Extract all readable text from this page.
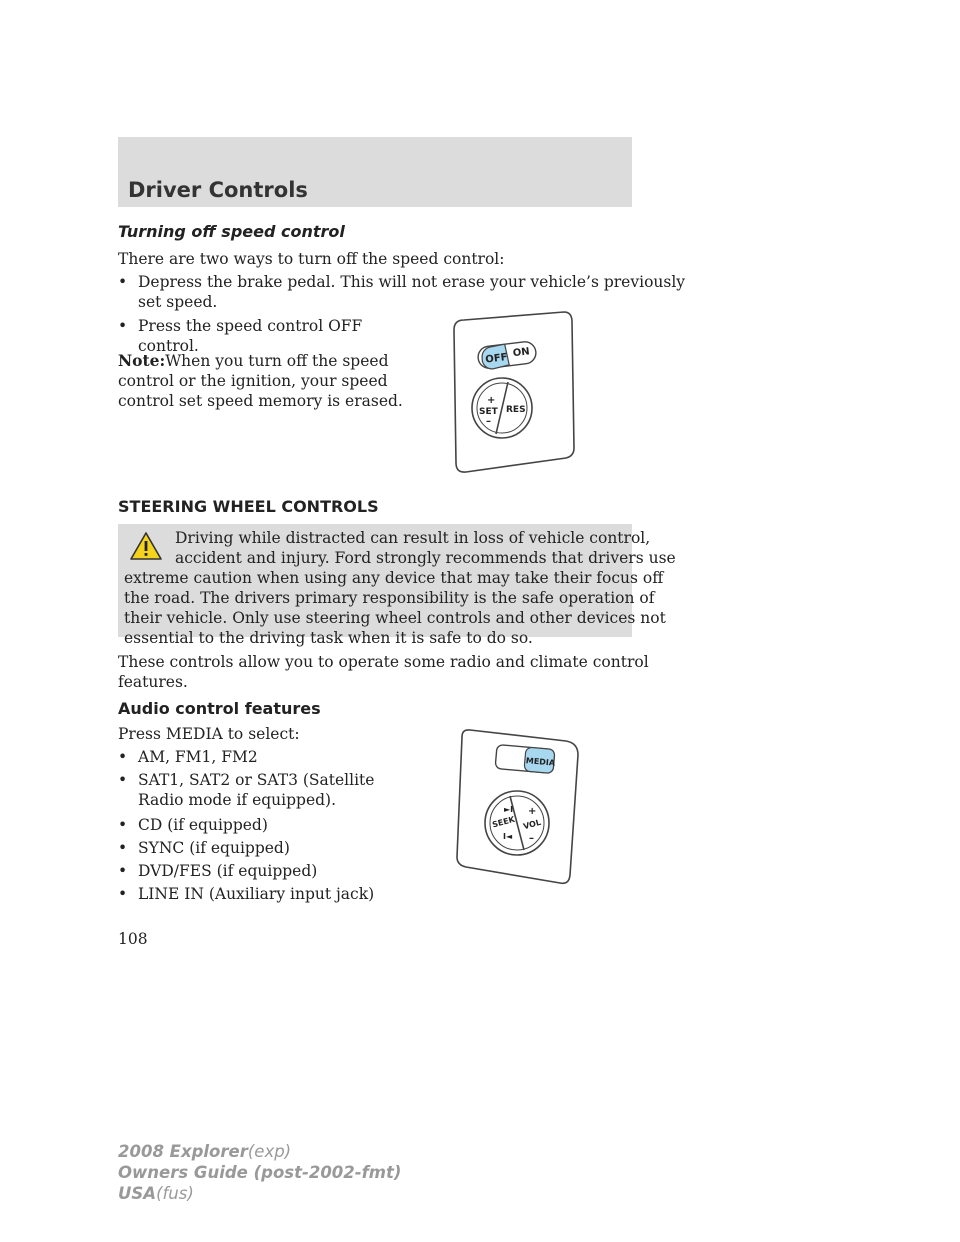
Driver Controls
Turning off speed control
There are two ways to turn off the speed control:
• Depress the brake pedal. This will not erase your vehicle’s previously
set speed.
• Press the speed control OFF
control.
Note:When you turn off the speed
control or the ignition, your speed
control set speed memory is erased.
OFF ON
+
SET
–
RES
STEERING WHEEL CONTROLS
Driving while distracted can result in loss of vehicle control,
accident and injury. Ford strongly recommends that drivers use
extreme caution when using any device that may take their focus off
the road. The drivers primary responsibility is the safe operation of
their vehicle. Only use steering wheel controls and other devices not
essential to the driving task when it is safe to do so.
These controls allow you to operate some radio and climate control
features.
Audio control features
Press MEDIA to select:
• AM, FM1, FM2
• SAT1, SAT2 or SAT3 (Satellite
Radio mode if equipped).
• CD (if equipped)
• SYNC (if equipped)
• DVD/FES (if equipped)
• LINE IN (Auxiliary input jack)
MEDIA
►I
SEEK
I◄
+
VOL
–
108
2008 Explorer(exp)
Owners Guide (post-2002-fmt)
USA(fus)
